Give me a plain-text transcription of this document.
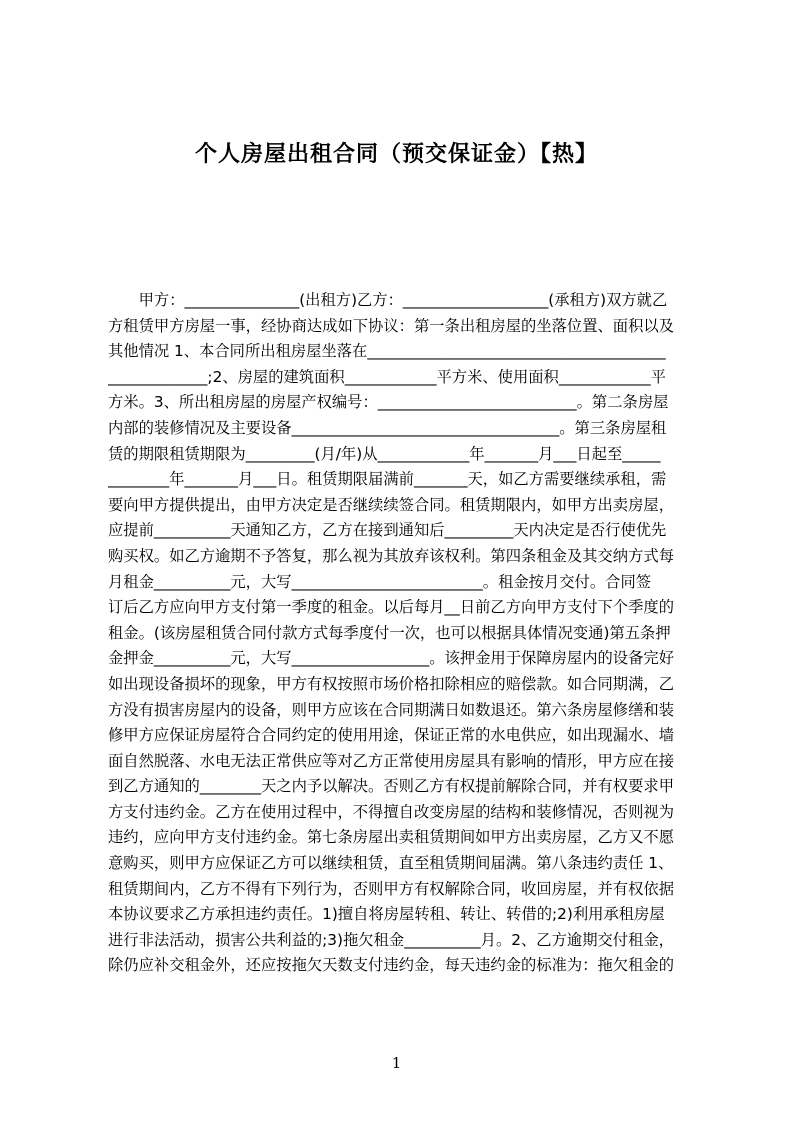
个人房屋出租合同（预交保证金）【热】
　　甲方：_______________(出租方)乙方：___________________(承租方)双方就乙
方租赁甲方房屋一事，经协商达成如下协议：第一条出租房屋的坐落位置、面积以及
其他情况 1、本合同所出租房屋坐落在_______________________________________
_____________;2、房屋的建筑面积____________平方米、使用面积____________平
方米。3、所出租房屋的房屋产权编号：__________________________。第二条房屋
内部的装修情况及主要设备___________________________________。第三条房屋租
赁的期限租赁期限为_________(月/年)从____________年_______月___日起至_____
________年_______月___日。租赁期限届满前_______天，如乙方需要继续承租，需
要向甲方提供提出，由甲方决定是否继续续签合同。租赁期限内，如甲方出卖房屋，
应提前__________天通知乙方，乙方在接到通知后_________天内决定是否行使优先
购买权。如乙方逾期不予答复，那么视为其放弃该权利。第四条租金及其交纳方式每
月租金__________元，大写_________________________。租金按月交付。合同签
订后乙方应向甲方支付第一季度的租金。以后每月__日前乙方向甲方支付下个季度的
租金。(该房屋租赁合同付款方式每季度付一次，也可以根据具体情况变通)第五条押
金押金__________元，大写__________________。该押金用于保障房屋内的设备完好
如出现设备损坏的现象，甲方有权按照市场价格扣除相应的赔偿款。如合同期满，乙
方没有损害房屋内的设备，则甲方应该在合同期满日如数退还。第六条房屋修缮和装
修甲方应保证房屋符合合同约定的使用用途，保证正常的水电供应，如出现漏水、墙
面自然脱落、水电无法正常供应等对乙方正常使用房屋具有影响的情形，甲方应在接
到乙方通知的________天之内予以解决。否则乙方有权提前解除合同，并有权要求甲
方支付违约金。乙方在使用过程中，不得擅自改变房屋的结构和装修情况，否则视为
违约，应向甲方支付违约金。第七条房屋出卖租赁期间如甲方出卖房屋，乙方又不愿
意购买，则甲方应保证乙方可以继续租赁，直至租赁期间届满。第八条违约责任 1、
租赁期间内，乙方不得有下列行为，否则甲方有权解除合同，收回房屋，并有权依据
本协议要求乙方承担违约责任。1)擅自将房屋转租、转让、转借的;2)利用承租房屋
进行非法活动，损害公共利益的;3)拖欠租金__________月。2、乙方逾期交付租金，
除仍应补交租金外，还应按拖欠天数支付违约金，每天违约金的标准为：拖欠租金的
1
